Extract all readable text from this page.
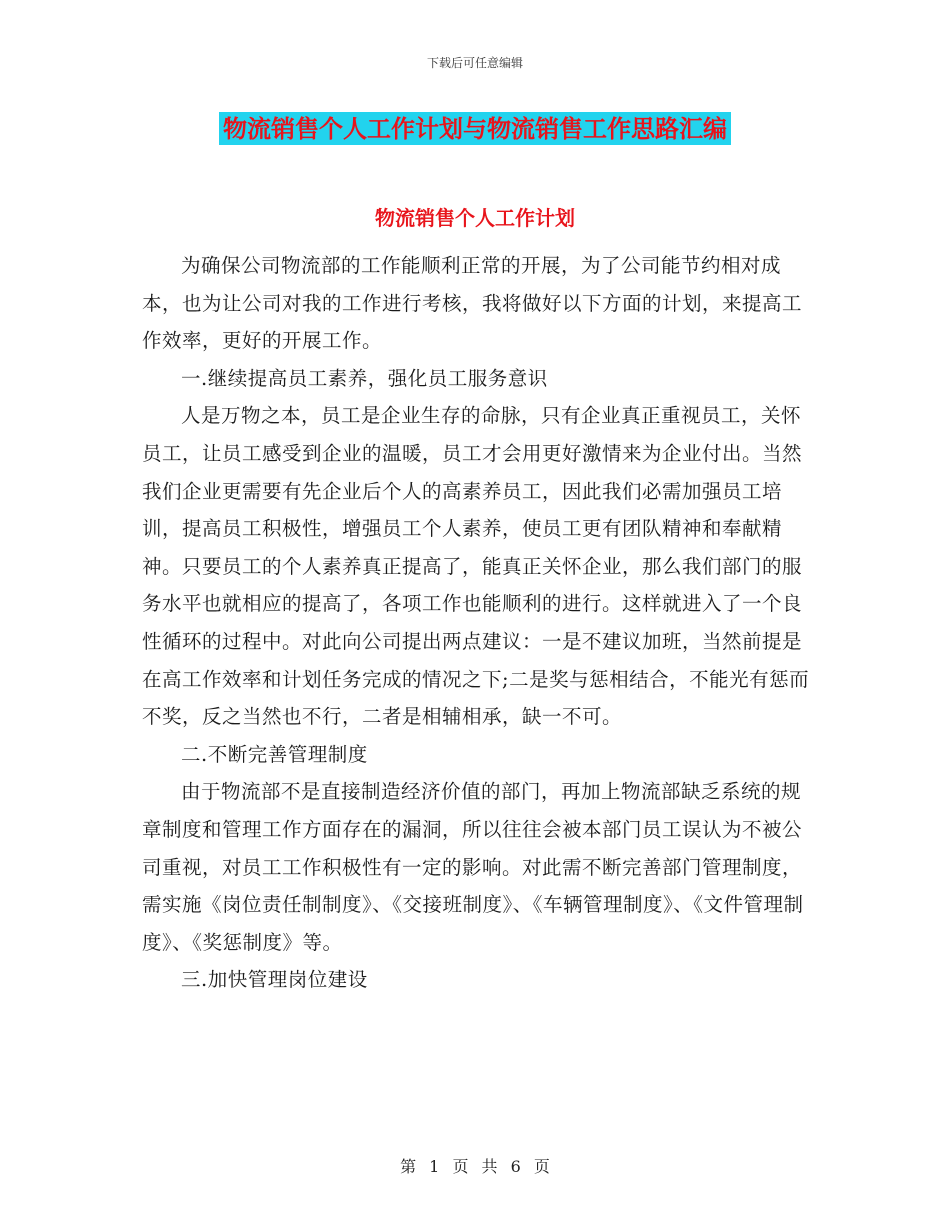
下载后可任意编辑
物流销售个人工作计划与物流销售工作思路汇编
物流销售个人工作计划

为确保公司物流部的工作能顺利正常的开展，为了公司能节约相对成本，也为让公司对我的工作进行考核，我将做好以下方面的计划，来提高工作效率，更好的开展工作。

一.继续提高员工素养，强化员工服务意识

人是万物之本，员工是企业生存的命脉，只有企业真正重视员工，关怀员工，让员工感受到企业的温暖，员工才会用更好激情来为企业付出。当然我们企业更需要有先企业后个人的高素养员工，因此我们必需加强员工培训，提高员工积极性，增强员工个人素养，使员工更有团队精神和奉献精神。只要员工的个人素养真正提高了，能真正关怀企业，那么我们部门的服务水平也就相应的提高了，各项工作也能顺利的进行。这样就进入了一个良性循环的过程中。对此向公司提出两点建议：一是不建议加班，当然前提是在高工作效率和计划任务完成的情况之下;二是奖与惩相结合，不能光有惩而不奖，反之当然也不行，二者是相辅相承，缺一不可。

二.不断完善管理制度

由于物流部不是直接制造经济价值的部门，再加上物流部缺乏系统的规章制度和管理工作方面存在的漏洞，所以往往会被本部门员工误认为不被公司重视，对员工工作积极性有一定的影响。对此需不断完善部门管理制度，需实施《岗位责任制制度》、《交接班制度》、《车辆管理制度》、《文件管理制度》、《奖惩制度》等。

三.加快管理岗位建设

第 1 页 共 6 页
